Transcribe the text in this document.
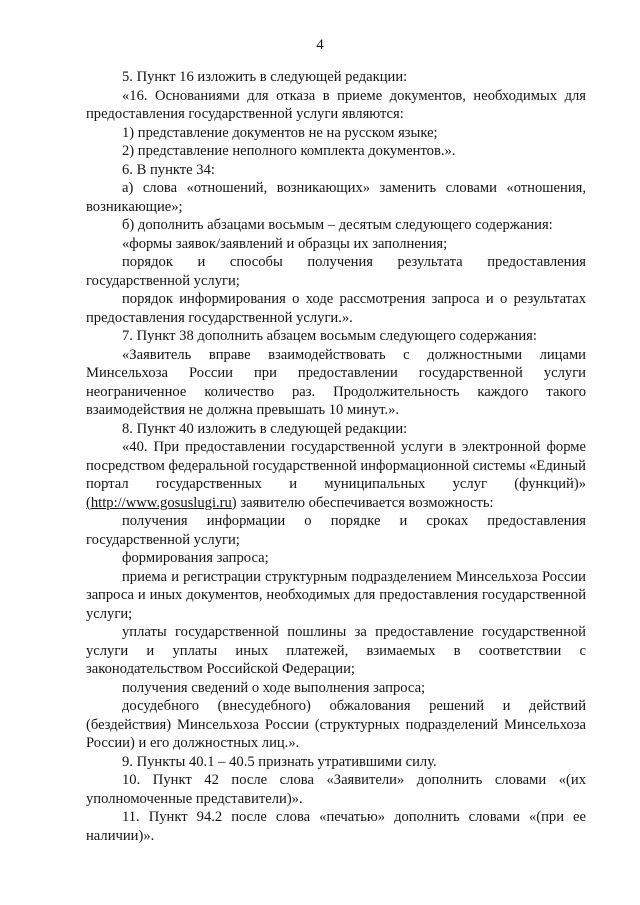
4

5. Пункт 16 изложить в следующей редакции:

«16. Основаниями для отказа в приеме документов, необходимых для предоставления государственной услуги являются:

1) представление документов не на русском языке;

2) представление неполного комплекта документов.».

6. В пункте 34:

а) слова «отношений, возникающих» заменить словами «отношения, возникающие»;

б) дополнить абзацами восьмым – десятым следующего содержания:

«формы заявок/заявлений и образцы их заполнения;

порядок и способы получения результата предоставления государственной услуги;

порядок информирования о ходе рассмотрения запроса и о результатах предоставления государственной услуги.».

7. Пункт 38 дополнить абзацем восьмым следующего содержания:

«Заявитель вправе взаимодействовать с должностными лицами Минсельхоза России при предоставлении государственной услуги неограниченное количество раз. Продолжительность каждого такого взаимодействия не должна превышать 10 минут.».

8. Пункт 40 изложить в следующей редакции:

«40. При предоставлении государственной услуги в электронной форме посредством федеральной государственной информационной системы «Единый портал государственных и муниципальных услуг (функций)» (http://www.gosuslugi.ru) заявителю обеспечивается возможность:

получения информации о порядке и сроках предоставления государственной услуги;

формирования запроса;

приема и регистрации структурным подразделением Минсельхоза России запроса и иных документов, необходимых для предоставления государственной услуги;

уплаты государственной пошлины за предоставление государственной услуги и уплаты иных платежей, взимаемых в соответствии с законодательством Российской Федерации;

получения сведений о ходе выполнения запроса;

досудебного (внесудебного) обжалования решений и действий (бездействия) Минсельхоза России (структурных подразделений Минсельхоза России) и его должностных лиц.».

9. Пункты 40.1 – 40.5 признать утратившими силу.

10. Пункт 42 после слова «Заявители» дополнить словами «(их уполномоченные представители)».

11. Пункт 94.2 после слова «печатью» дополнить словами «(при ее наличии)».
